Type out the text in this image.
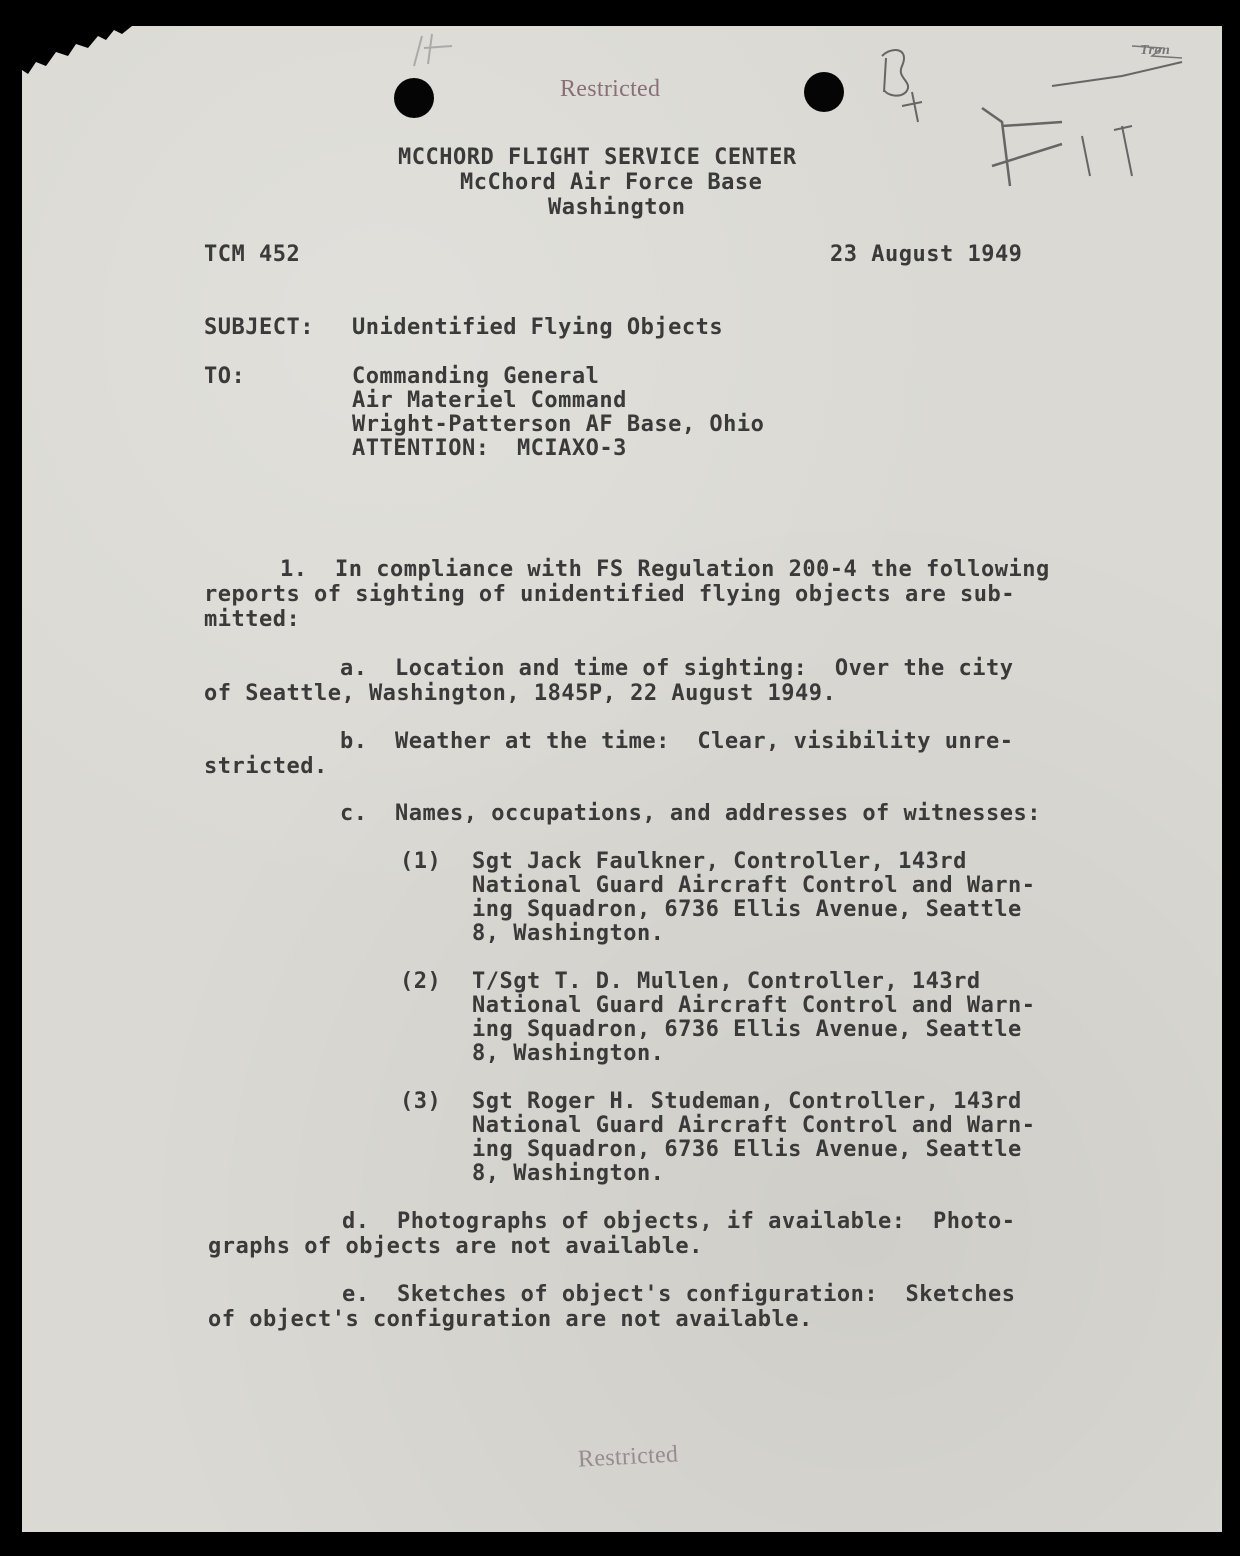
Tron
Restricted
MCCHORD FLIGHT SERVICE CENTER
McChord Air Force Base
Washington
TCM 452	23 August 1949
SUBJECT: Unidentified Flying Objects
TO:	Commanding General
Air Materiel Command
Wright-Patterson AF Base, Ohio
ATTENTION:  MCIAXO-3
1.  In compliance with FS Regulation 200-4 the following
reports of sighting of unidentified flying objects are sub-
mitted:
a.  Location and time of sighting:  Over the city
of Seattle, Washington, 1845P, 22 August 1949.
b.  Weather at the time:  Clear, visibility unre-
stricted.
c.  Names, occupations, and addresses of witnesses:
(1) Sgt Jack Faulkner, Controller, 143rd
National Guard Aircraft Control and Warn-
ing Squadron, 6736 Ellis Avenue, Seattle
8, Washington.
(2) T/Sgt T. D. Mullen, Controller, 143rd
National Guard Aircraft Control and Warn-
ing Squadron, 6736 Ellis Avenue, Seattle
8, Washington.
(3) Sgt Roger H. Studeman, Controller, 143rd
National Guard Aircraft Control and Warn-
ing Squadron, 6736 Ellis Avenue, Seattle
8, Washington.
d.  Photographs of objects, if available:  Photo-
graphs of objects are not available.
e.  Sketches of object's configuration:  Sketches
of object's configuration are not available.
Restricted
